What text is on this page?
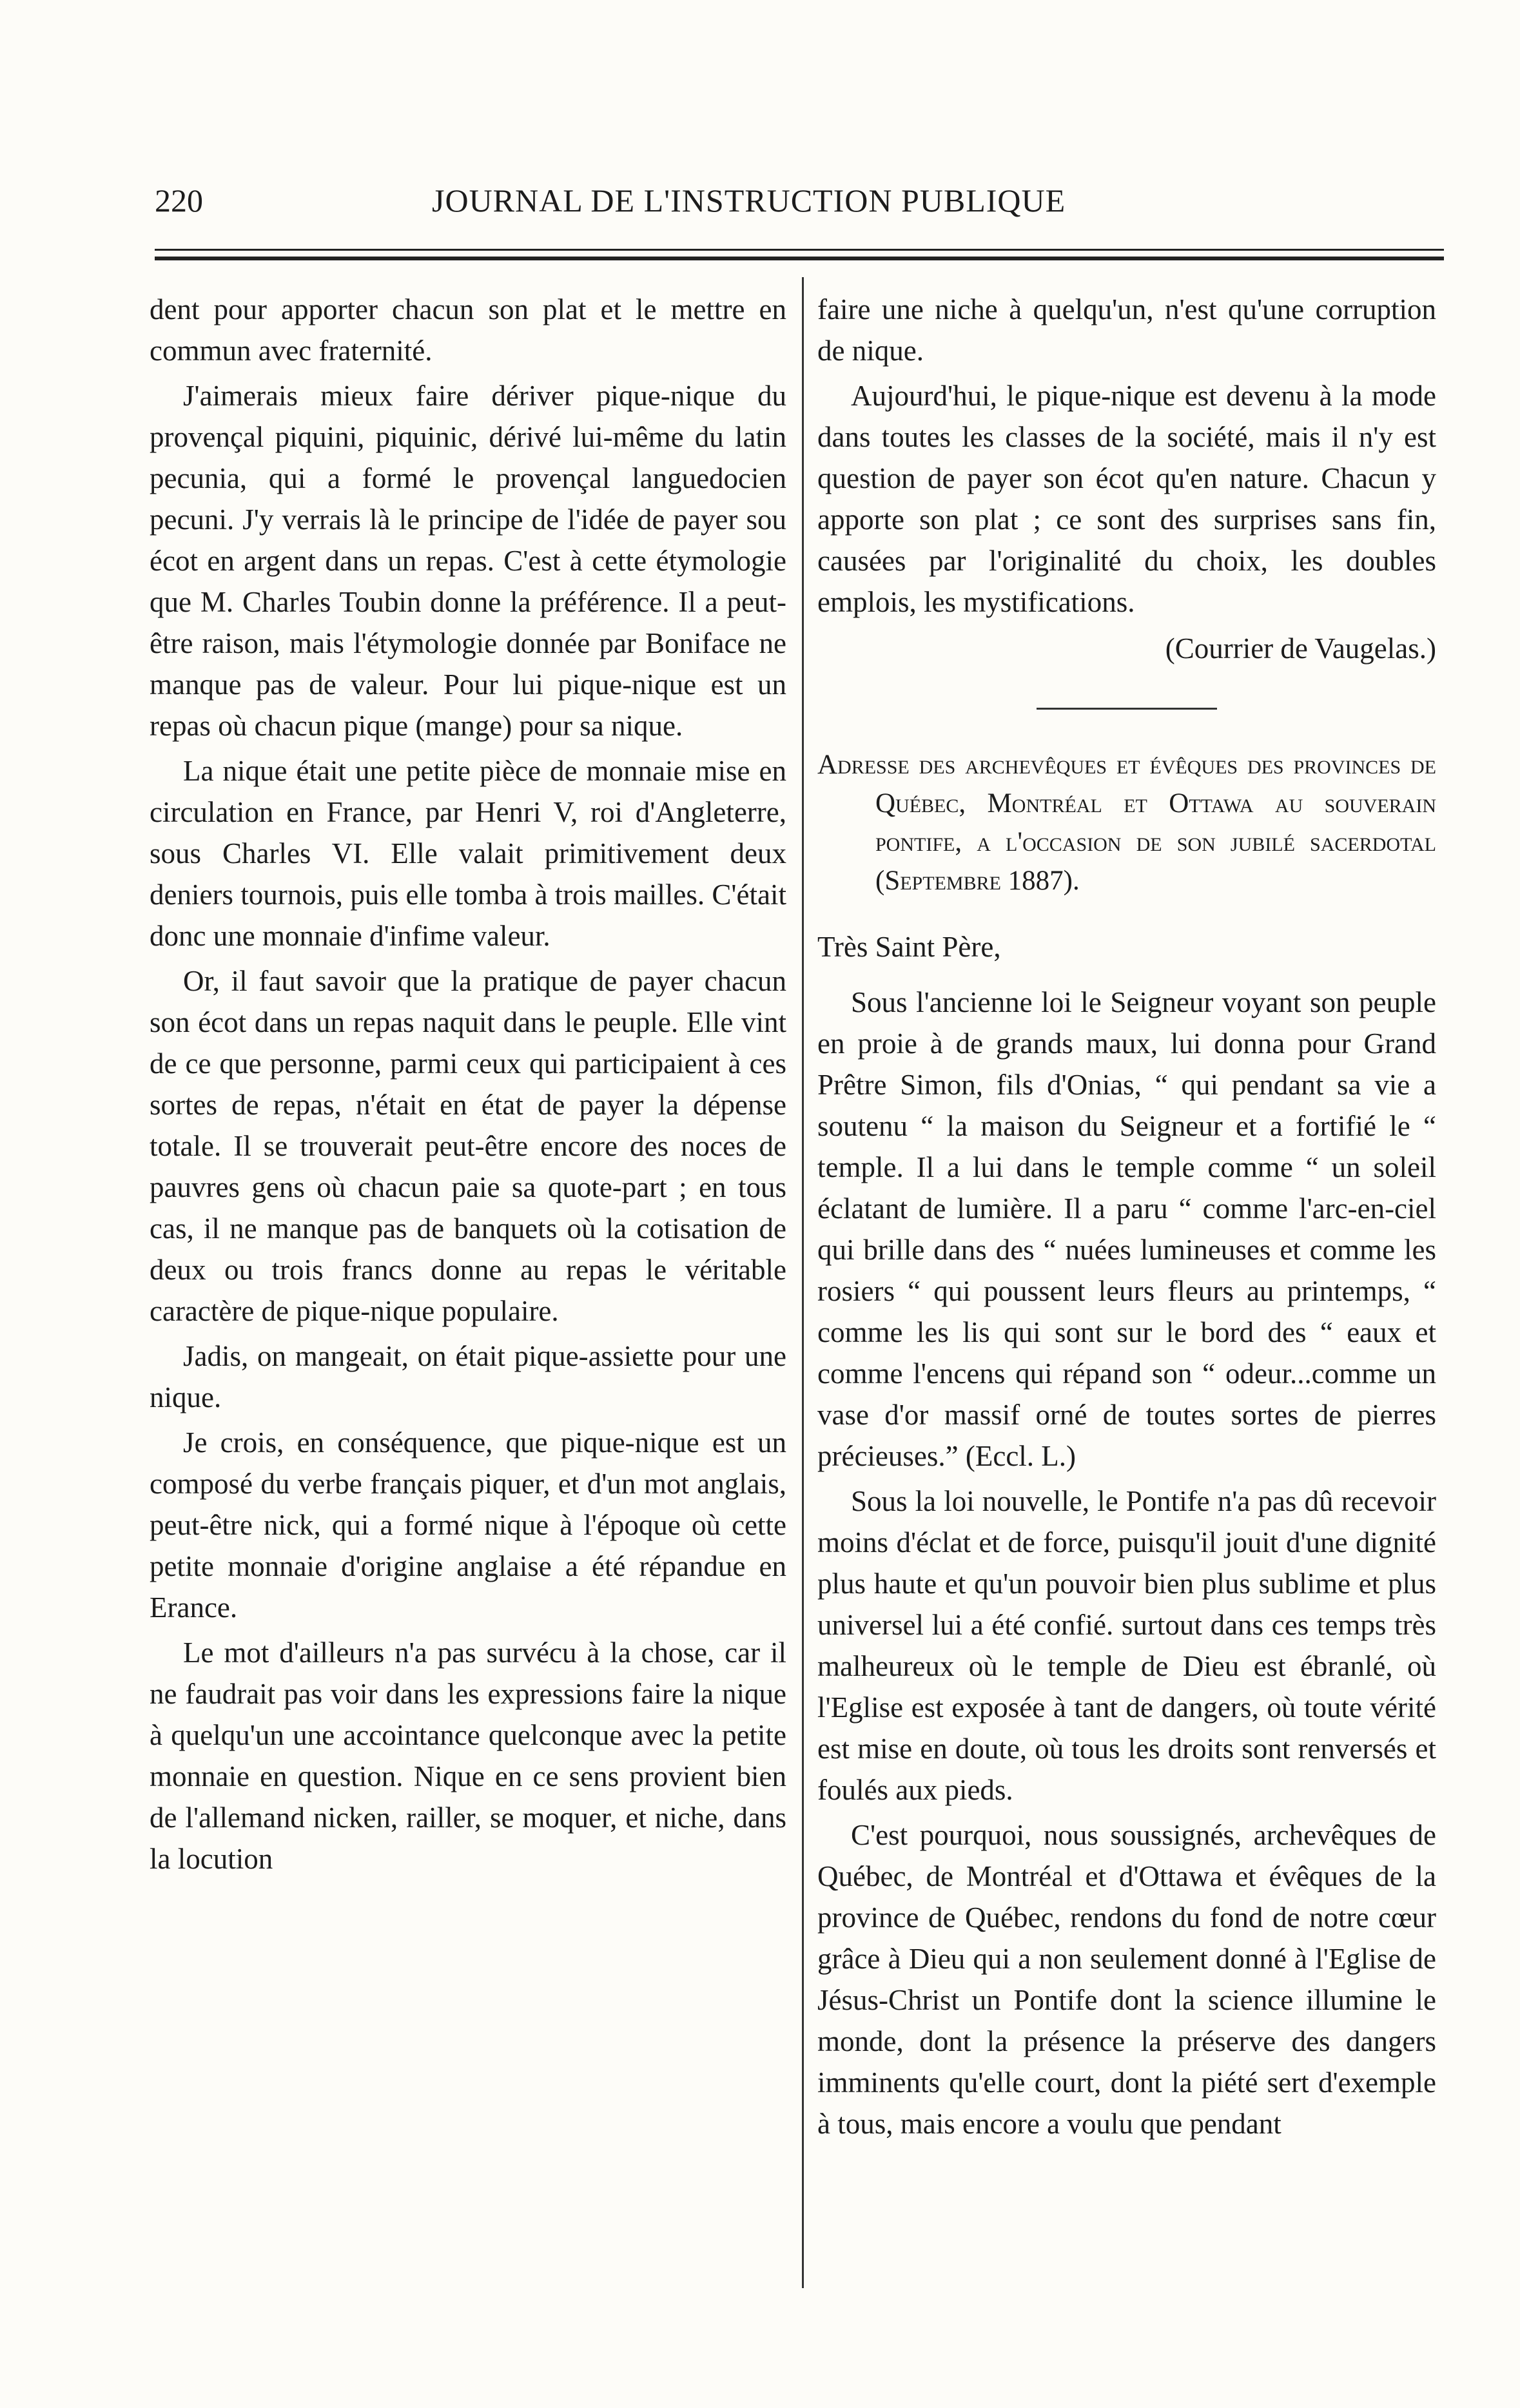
220	JOURNAL DE L'INSTRUCTION PUBLIQUE

dent pour apporter chacun son plat et le mettre en commun avec fraternité.

J'aimerais mieux faire dériver pique-nique du provençal piquini, piquinic, dérivé lui-même du latin pecunia, qui a formé le provençal languedocien pecuni. J'y verrais là le principe de l'idée de payer sou écot en argent dans un repas. C'est à cette étymologie que M. Charles Toubin donne la préférence. Il a peut-être raison, mais l'étymologie donnée par Boniface ne manque pas de valeur. Pour lui pique-nique est un repas où chacun pique (mange) pour sa nique.

La nique était une petite pièce de monnaie mise en circulation en France, par Henri V, roi d'Angleterre, sous Charles VI. Elle valait primitivement deux deniers tournois, puis elle tomba à trois mailles. C'était donc une monnaie d'infime valeur.

Or, il faut savoir que la pratique de payer chacun son écot dans un repas naquit dans le peuple. Elle vint de ce que personne, parmi ceux qui participaient à ces sortes de repas, n'était en état de payer la dépense totale. Il se trouverait peut-être encore des noces de pauvres gens où chacun paie sa quote-part ; en tous cas, il ne manque pas de banquets où la cotisation de deux ou trois francs donne au repas le véritable caractère de pique-nique populaire.

Jadis, on mangeait, on était pique-assiette pour une nique.

Je crois, en conséquence, que pique-nique est un composé du verbe français piquer, et d'un mot anglais, peut-être nick, qui a formé nique à l'époque où cette petite monnaie d'origine anglaise a été répandue en Erance.

Le mot d'ailleurs n'a pas survécu à la chose, car il ne faudrait pas voir dans les expressions faire la nique à quelqu'un une accointance quelconque avec la petite monnaie en question. Nique en ce sens provient bien de l'allemand nicken, railler, se moquer, et niche, dans la locution

faire une niche à quelqu'un, n'est qu'une corruption de nique.

Aujourd'hui, le pique-nique est devenu à la mode dans toutes les classes de la société, mais il n'y est question de payer son écot qu'en nature. Chacun y apporte son plat ; ce sont des surprises sans fin, causées par l'originalité du choix, les doubles emplois, les mystifications.

(Courrier de Vaugelas.)

Adresse des archevêques et évêques des provinces de Québec, Montréal et Ottawa au souverain pontife, a l'occasion de son jubilé sacerdotal (Septembre 1887).

Très Saint Père,

Sous l'ancienne loi le Seigneur voyant son peuple en proie à de grands maux, lui donna pour Grand Prêtre Simon, fils d'Onias, “ qui pendant sa vie a soutenu “ la maison du Seigneur et a fortifié le “ temple. Il a lui dans le temple comme “ un soleil éclatant de lumière. Il a paru “ comme l'arc-en-ciel qui brille dans des “ nuées lumineuses et comme les rosiers “ qui poussent leurs fleurs au printemps, “ comme les lis qui sont sur le bord des “ eaux et comme l'encens qui répand son “ odeur...comme un vase d'or massif orné de toutes sortes de pierres précieuses.” (Eccl. L.)

Sous la loi nouvelle, le Pontife n'a pas dû recevoir moins d'éclat et de force, puisqu'il jouit d'une dignité plus haute et qu'un pouvoir bien plus sublime et plus universel lui a été confié. surtout dans ces temps très malheureux où le temple de Dieu est ébranlé, où l'Eglise est exposée à tant de dangers, où toute vérité est mise en doute, où tous les droits sont renversés et foulés aux pieds.

C'est pourquoi, nous soussignés, archevêques de Québec, de Montréal et d'Ottawa et évêques de la province de Québec, rendons du fond de notre cœur grâce à Dieu qui a non seulement donné à l'Eglise de Jésus-Christ un Pontife dont la science illumine le monde, dont la présence la préserve des dangers imminents qu'elle court, dont la piété sert d'exemple à tous, mais encore a voulu que pendant
